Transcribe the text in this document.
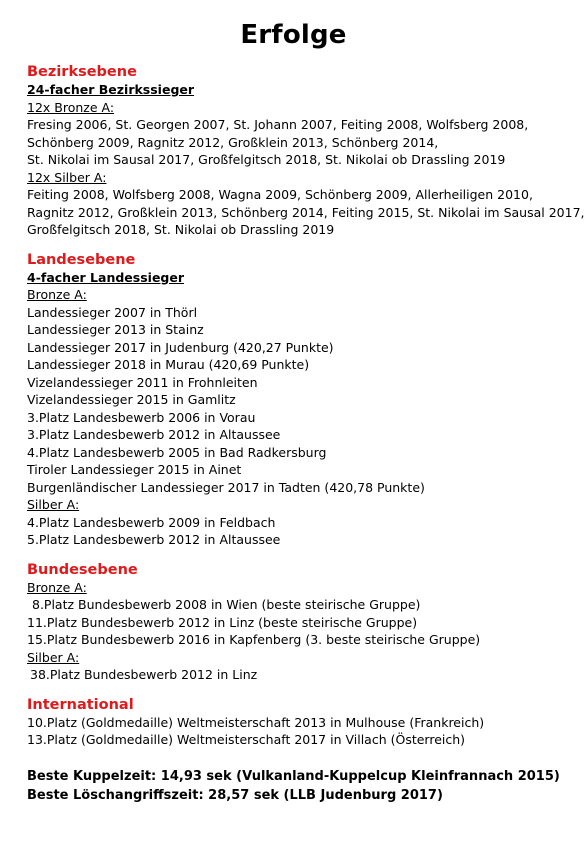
Erfolge
Bezirksebene
24-facher Bezirkssieger
12x Bronze A:
Fresing 2006, St. Georgen 2007, St. Johann 2007, Feiting 2008, Wolfsberg 2008,
Schönberg 2009, Ragnitz 2012, Großklein 2013, Schönberg 2014,
St. Nikolai im Sausal 2017, Großfelgitsch 2018, St. Nikolai ob Drassling 2019
12x Silber A:
Feiting 2008, Wolfsberg 2008, Wagna 2009, Schönberg 2009, Allerheiligen 2010,
Ragnitz 2012, Großklein 2013, Schönberg 2014, Feiting 2015, St. Nikolai im Sausal 2017,
Großfelgitsch 2018, St. Nikolai ob Drassling 2019
Landesebene
4-facher Landessieger
Bronze A:
Landessieger 2007 in Thörl
Landessieger 2013 in Stainz
Landessieger 2017 in Judenburg (420,27 Punkte)
Landessieger 2018 in Murau (420,69 Punkte)
Vizelandessieger 2011 in Frohnleiten
Vizelandessieger 2015 in Gamlitz
3.Platz Landesbewerb 2006 in Vorau
3.Platz Landesbewerb 2012 in Altaussee
4.Platz Landesbewerb 2005 in Bad Radkersburg
Tiroler Landessieger 2015 in Ainet
Burgenländischer Landessieger 2017 in Tadten (420,78 Punkte)
Silber A:
4.Platz Landesbewerb 2009 in Feldbach
5.Platz Landesbewerb 2012 in Altaussee
Bundesebene
Bronze A:
8.Platz Bundesbewerb 2008 in Wien (beste steirische Gruppe)
11.Platz Bundesbewerb 2012 in Linz (beste steirische Gruppe)
15.Platz Bundesbewerb 2016 in Kapfenberg (3. beste steirische Gruppe)
Silber A:
38.Platz Bundesbewerb 2012 in Linz
International
10.Platz (Goldmedaille) Weltmeisterschaft 2013 in Mulhouse (Frankreich)
13.Platz (Goldmedaille) Weltmeisterschaft 2017 in Villach (Österreich)
Beste Kuppelzeit: 14,93 sek (Vulkanland-Kuppelcup Kleinfrannach 2015)
Beste Löschangriffszeit: 28,57 sek (LLB Judenburg 2017)
